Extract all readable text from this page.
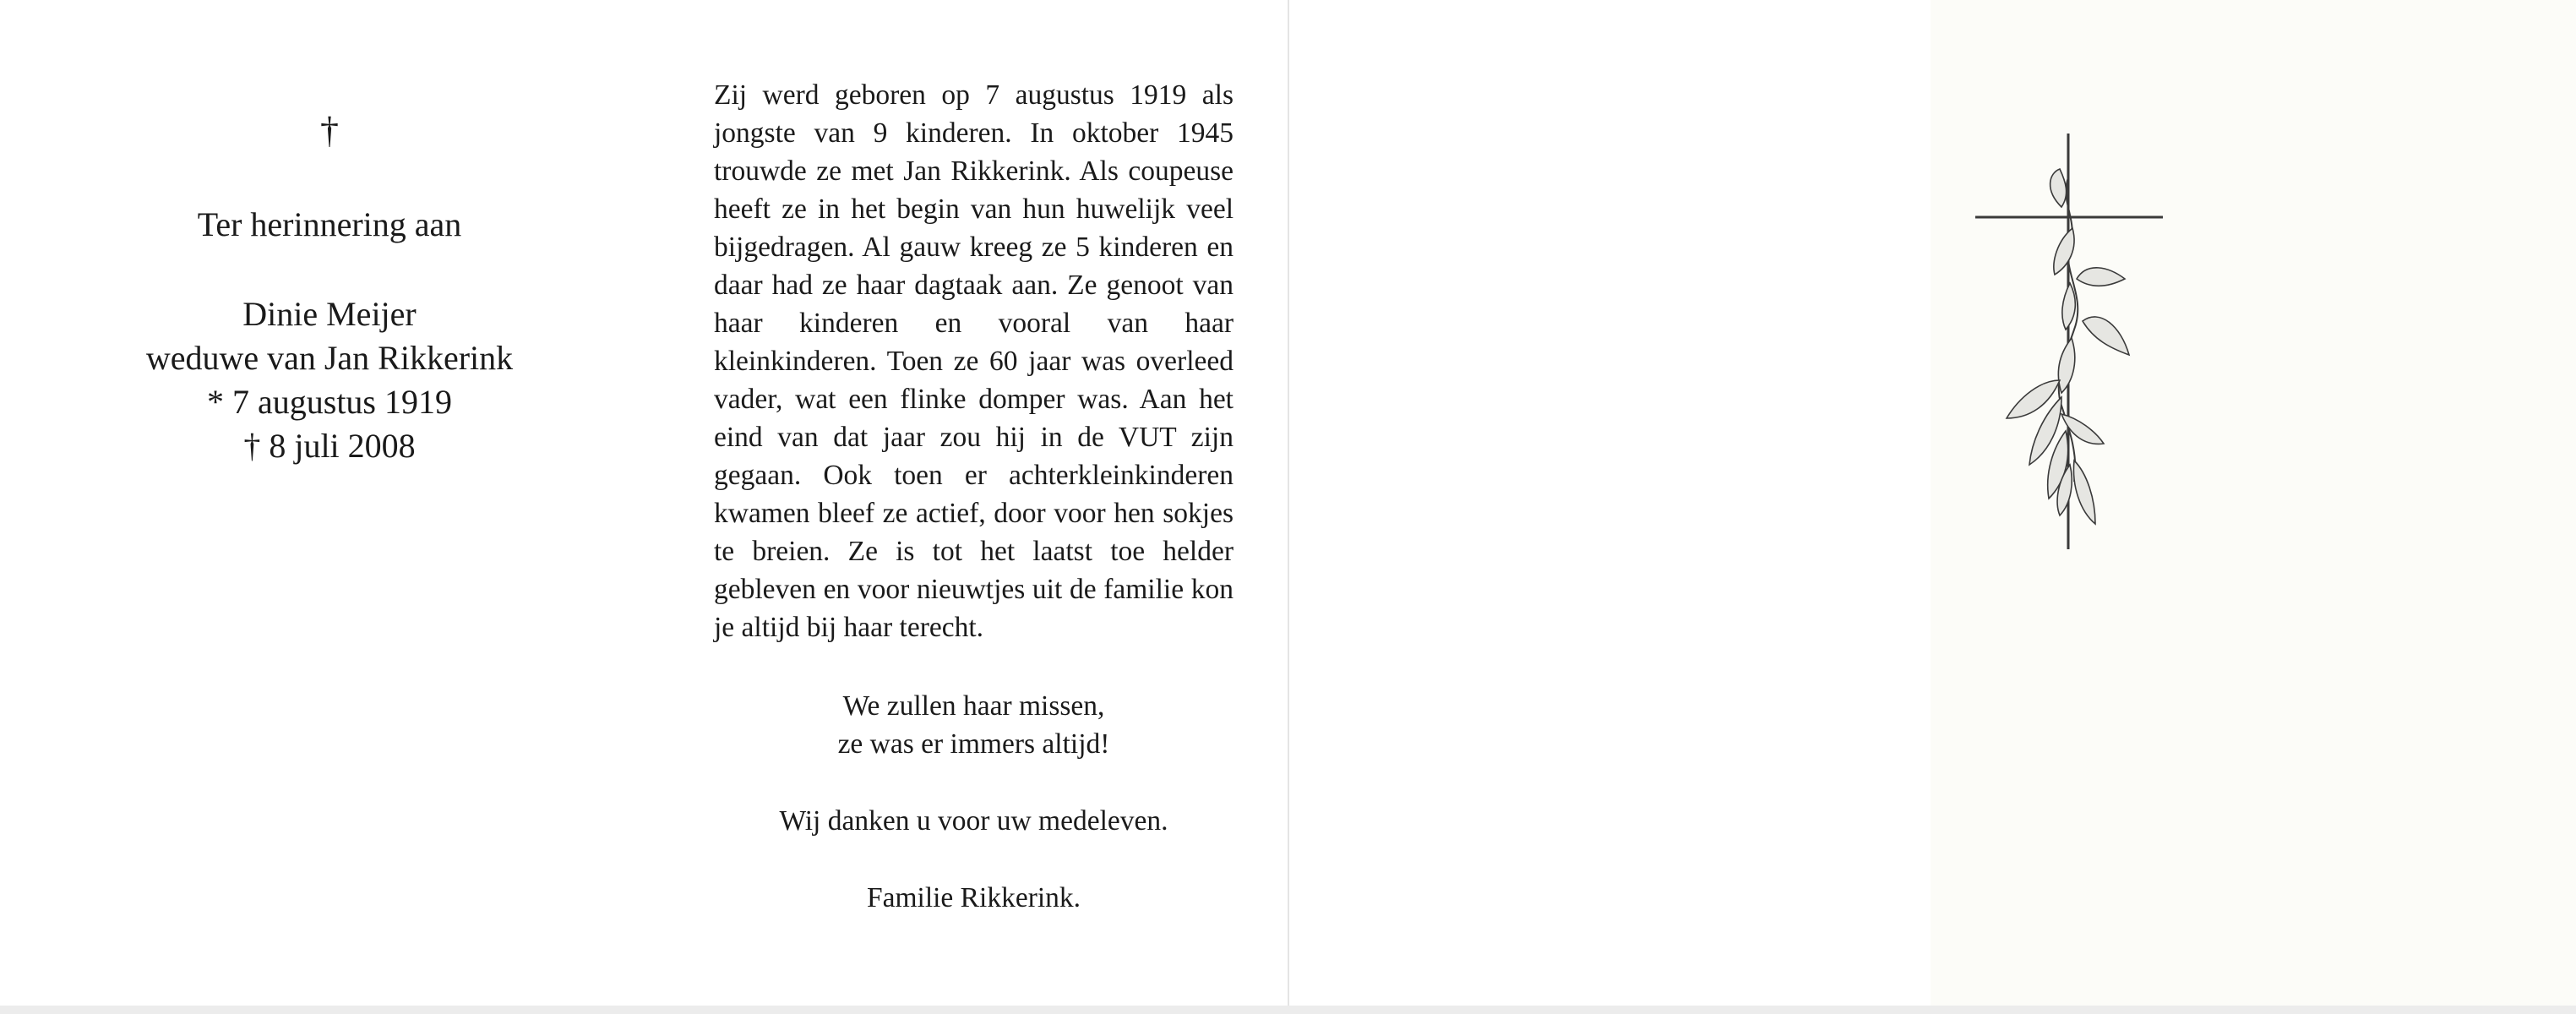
†
Ter herinnering aan
Dinie Meijer
weduwe van Jan Rikkerink
* 7 augustus 1919
† 8 juli 2008

Zij werd geboren op 7 augustus 1919 als jongste van 9 kinderen. In oktober 1945 trouwde ze met Jan Rikkerink. Als coupeuse heeft ze in het begin van hun huwelijk veel bijgedragen. Al gauw kreeg ze 5 kinderen en daar had ze haar dagtaak aan. Ze genoot van haar kinderen en vooral van haar kleinkinderen. Toen ze 60 jaar was overleed vader, wat een flinke domper was. Aan het eind van dat jaar zou hij in de VUT zijn gegaan. Ook toen er achterkleinkinderen kwamen bleef ze actief, door voor hen sokjes te breien. Ze is tot het laatst toe helder gebleven en voor nieuwtjes uit de familie kon je altijd bij haar terecht.

We zullen haar missen,

ze was er immers altijd!

Wij danken u voor uw medeleven.

Familie Rikkerink.
